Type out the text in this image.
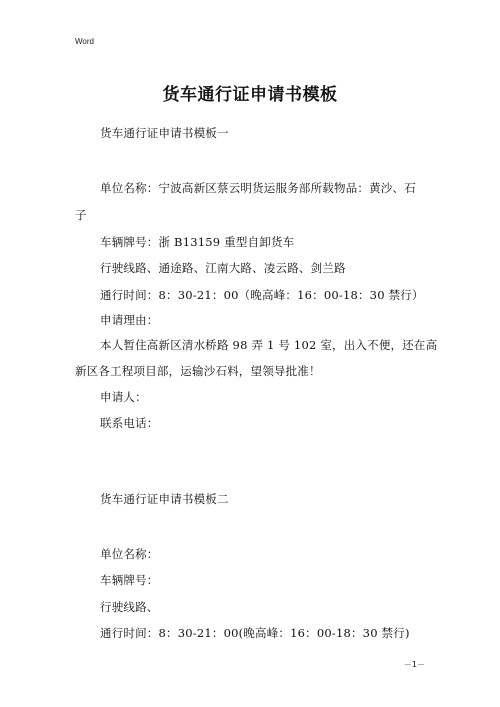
Word
货车通行证申请书模板
货车通行证申请书模板一
单位名称：宁波高新区蔡云明货运服务部所载物品：黄沙、石
子
车辆牌号：浙 B13159 重型自卸货车
行驶线路、通途路、江南大路、凌云路、剑兰路
通行时间：8：30-21：00（晚高峰：16：00-18：30 禁行）
申请理由：
本人暂住高新区清水桥路 98 弄 1 号 102 室，出入不便，还在高
新区各工程项目部，运输沙石料，望领导批准！
申请人：
联系电话：
货车通行证申请书模板二
单位名称：
车辆牌号：
行驶线路、
通行时间：8：30-21：00(晚高峰：16：00-18：30 禁行)
－1－
